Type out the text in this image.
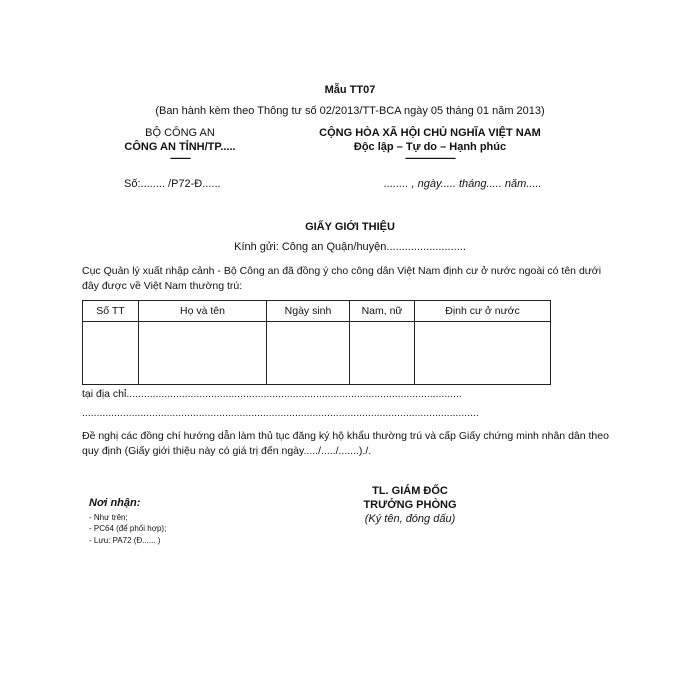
Mẫu TT07
(Ban hành kèm theo Thông tư số 02/2013/TT-BCA ngày 05 tháng 01 năm 2013)
BỘ CÔNG AN
CÔNG AN TỈNH/TP.....
--------
Số:........ /P72-Đ......
CỘNG HÒA XÃ HỘI CHỦ NGHĨA VIỆT NAM
Độc lập – Tự do – Hạnh phúc
--------------------
........ , ngày..... tháng..... năm.....
GIẤY GIỚI THIỆU
Kính gửi: Công an Quận/huyện..........................
Cục Quản lý xuất nhập cảnh - Bộ Công an đã đồng ý cho công dân Việt Nam định cư ở nước ngoài có tên dưới đây được về Việt Nam thường trú:
Số TT	Họ và tên	Ngày sinh	Nam, nữ	Định cư ở nước

tại địa chỉ...................................................................................................................
........................................................................................................................................
Đề nghị các đồng chí hướng dẫn làm thủ tục đăng ký hộ khẩu thường trú và cấp Giấy chứng minh nhân dân theo quy định (Giấy giới thiệu này có giá trị đến ngày...../...../.......)./.
Nơi nhận:
- Như trên;
- PC64 (để phối hợp);
- Lưu: PA72 (Đ...... )
TL. GIÁM ĐỐC
TRƯỞNG PHÒNG
(Ký tên, đóng dấu)
